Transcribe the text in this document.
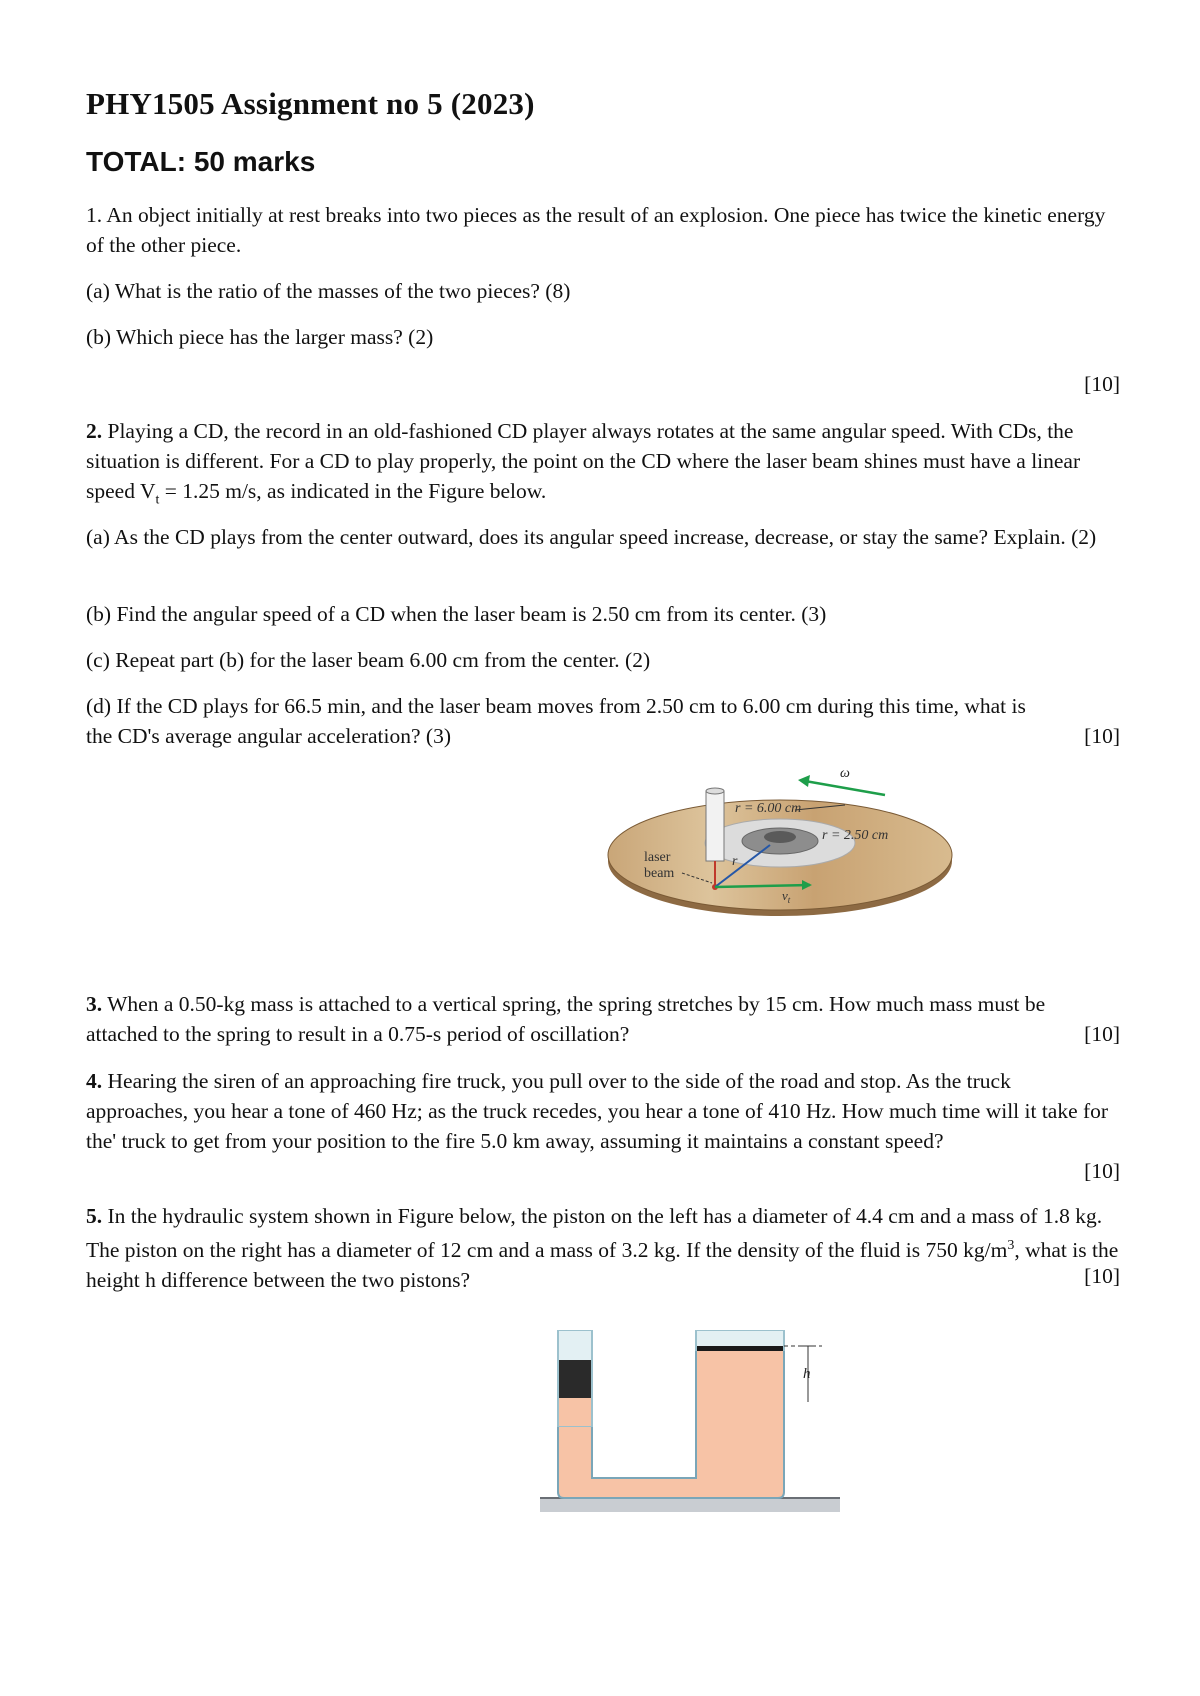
PHY1505 Assignment no 5 (2023)
TOTAL: 50 marks

1. An object initially at rest breaks into two pieces as the result of an explosion. One piece has twice the kinetic energy of the other piece.

(a) What is the ratio of the masses of the two pieces? (8)

(b) Which piece has the larger mass? (2)

[10]

2. Playing a CD, the record in an old-fashioned CD player always rotates at the same angular speed. With CDs, the situation is different. For a CD to play properly, the point on the CD where the laser beam shines must have a linear speed $V_t = 1.25$ m/s, as indicated in the Figure below.

(a) As the CD plays from the center outward, does its angular speed increase, decrease, or stay the same? Explain. (2)

(b) Find the angular speed of a CD when the laser beam is 2.50 cm from its center. (3)

(c) Repeat part (b) for the laser beam 6.00 cm from the center. (2)

(d) If the CD plays for 66.5 min, and the laser beam moves from 2.50 cm to 6.00 cm during this time, what is the CD's average angular acceleration? (3)	[10]
ω
r = 6.00 cm
r = 2.50 cm
laser
beam
r
$v_t$

3. When a 0.50-kg mass is attached to a vertical spring, the spring stretches by 15 cm. How much mass must be attached to the spring to result in a 0.75-s period of oscillation?	[10]

4. Hearing the siren of an approaching fire truck, you pull over to the side of the road and stop. As the truck approaches, you hear a tone of 460 Hz; as the truck recedes, you hear a tone of 410 Hz. How much time will it take for the' truck to get from your position to the fire 5.0 km away, assuming it maintains a constant speed?

[10]

5. In the hydraulic system shown in Figure below, the piston on the left has a diameter of 4.4 cm and a mass of 1.8 kg. The piston on the right has a diameter of 12 cm and a mass of 3.2 kg. If the density of the fluid is 750 $kg/m^3$, what is the height h difference between the two pistons?	[10]
h
